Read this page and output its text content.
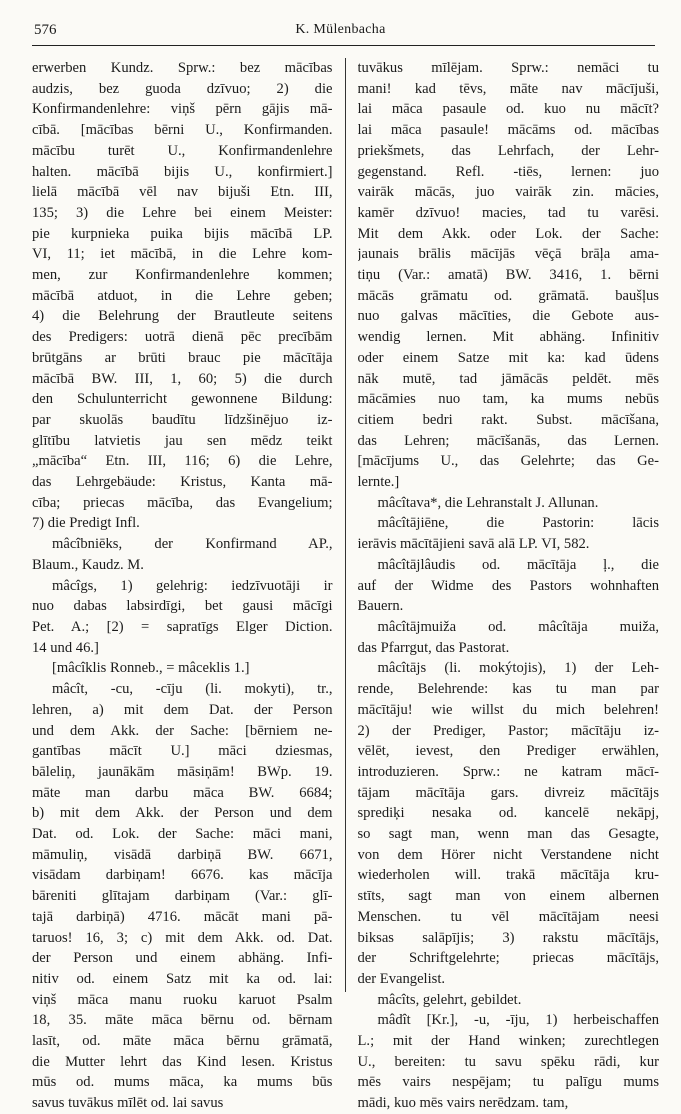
576	K. Mülenbacha
erwerben Kundz. Sprw.: bez mācības
audzis, bez guoda dzīvuo; 2) die
Konfirmandenlehre: viņš pērn gājis mā-
cībā. [mācības bērni U., Konfirmanden.
mācību turēt U., Konfirmandenlehre
halten. mācībā bijis U., konfirmiert.]
lielā mācībā vēl nav bijuši Etn. III,
135; 3) die Lehre bei einem Meister:
pie kurpnieka puika bijis mācībā LP.
VI, 11; iet mācībā, in die Lehre kom-
men, zur Konfirmandenlehre kommen;
mācībā atduot, in die Lehre geben;
4) die Belehrung der Brautleute seitens
des Predigers: uotrā dienā pēc precībām
brūtgāns ar brūti brauc pie mācītāja
mācībā BW. III, 1, 60; 5) die durch
den Schulunterricht gewonnene Bildung:
par skuolās baudītu līdzšinējuo iz-
glītību latvietis jau sen mēdz teikt
„mācība“ Etn. III, 116; 6) die Lehre,
das Lehrgebäude: Kristus, Kanta mā-
cība; priecas mācība, das Evangelium;
7) die Predigt Infl.
mâcîbniēks, der Konfirmand AP.,
Blaum., Kaudz. M.
mâcîgs, 1) gelehrig: iedzīvuotāji ir
nuo dabas labsirdīgi, bet gausi mācīgi
Pet. A.; [2) = sapratīgs Elger Diction.
14 und 46.]
[mâcîklis Ronneb., = mâceklis 1.]
mâcît, -cu, -cīju (li. mokyti), tr.,
lehren, a) mit dem Dat. der Person
und dem Akk. der Sache: [bērniem ne-
gantības mācīt U.] māci dziesmas,
bāleliņ, jaunākām māsiņām! BWp. 19.
māte man darbu māca BW. 6684;
b) mit dem Akk. der Person und dem
Dat. od. Lok. der Sache: māci mani,
māmuliņ, visādā darbiņā BW. 6671,
visādam darbiņam! 6676. kas mācīja
bāreniti glītajam darbiņam (Var.: glī-
tajā darbiņā) 4716. mācāt mani pā-
taruos! 16, 3; c) mit dem Akk. od. Dat.
der Person und einem abhäng. Infi-
nitiv od. einem Satz mit ka od. lai:
viņš māca manu ruoku karuot Psalm
18, 35. māte māca bērnu od. bērnam
lasīt, od. māte māca bērnu grāmatā,
die Mutter lehrt das Kind lesen. Kristus
mūs od. mums māca, ka mums būs
savus tuvākus mīlēt od. lai savus
tuvākus mīlējam. Sprw.: nemāci tu
mani! kad tēvs, māte nav mācījuši,
lai māca pasaule od. kuo nu mācīt?
lai māca pasaule! mācāms od. mācības
priekšmets, das Lehrfach, der Lehr-
gegenstand. Refl. -tiēs, lernen: juo
vairāk mācās, juo vairāk zin. mācies,
kamēr dzīvuo! macies, tad tu varēsi.
Mit dem Akk. oder Lok. der Sache:
jaunais brālis mācījās vēçā brāļa ama-
tiņu (Var.: amatā) BW. 3416, 1. bērni
mācās grāmatu od. grāmatā. baušļus
nuo galvas mācīties, die Gebote aus-
wendig lernen. Mit abhäng. Infinitiv
oder einem Satze mit ka: kad ūdens
nāk mutē, tad jāmācās peldēt. mēs
mācāmies nuo tam, ka mums nebūs
citiem bedri rakt. Subst. mācīšana,
das Lehren; mācīšanās, das Lernen.
[mācījums U., das Gelehrte; das Ge-
lernte.]
mâcîtava*, die Lehranstalt J. Allunan.
mâcîtājiēne, die Pastorin: lācis
ierāvis mācītājieni savā alā LP. VI, 582.
mâcîtājlâudis od. mācītāja ļ., die
auf der Widme des Pastors wohnhaften
Bauern.
mâcîtājmuiža od. mâcîtāja muiža,
das Pfarrgut, das Pastorat.
mâcîtājs (li. mokýtojis), 1) der Leh-
rende, Belehrende: kas tu man par
mācītāju! wie willst du mich belehren!
2) der Prediger, Pastor; mācītāju iz-
vēlēt, ievest, den Prediger erwählen,
introduzieren. Sprw.: ne katram mācī-
tājam mācītāja gars. divreiz mācītājs
sprediķi nesaka od. kancelē nekāpj,
so sagt man, wenn man das Gesagte,
von dem Hörer nicht Verstandene nicht
wiederholen will. trakā mācītāja kru-
stīts, sagt man von einem albernen
Menschen. tu vēl mācītājam neesi
biksas salāpījis; 3) rakstu mācītājs,
der Schriftgelehrte; priecas mācītājs,
der Evangelist.
mâcîts, gelehrt, gebildet.
mâdît [Kr.], -u, -īju, 1) herbeischaffen
L.; mit der Hand winken; zurechtlegen
U., bereiten: tu savu spēku rādi, kur
mēs vairs nespējam; tu palīgu mums
mādi, kuo mēs vairs nerēdzam. tam,
